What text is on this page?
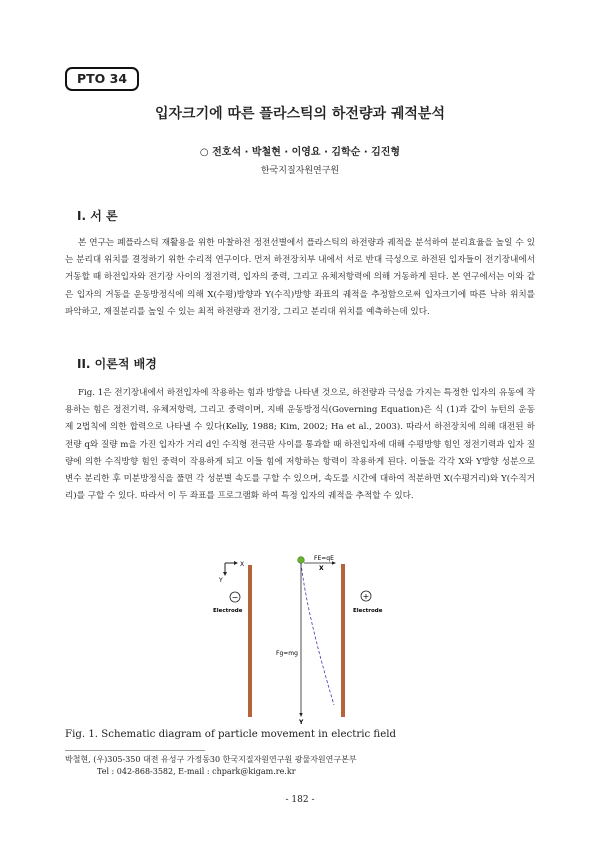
PTO 34
입자크기에 따른 플라스틱의 하전량과 궤적분석
○ 전호석 · 박철현 · 이영요 · 김학순 · 김진형
한국지질자원연구원
I. 서 론

본 연구는 폐플라스틱 재활용을 위한 마찰하전 정전선별에서 플라스틱의 하전량과 궤적을 분석하여 분리효율을 높일 수 있는 분리대 위치를 결정하기 위한 수리적 연구이다. 먼저 하전장치부 내에서 서로 반대 극성으로 하전된 입자들이 전기장내에서 거동할 때 하전입자와 전기장 사이의 정전기력, 입자의 중력, 그리고 유체저항력에 의해 거동하게 된다. 본 연구에서는 이와 같은 입자의 거동을 운동방정식에 의해 X(수평)방향과 Y(수직)방향 좌표의 궤적을 추정함으로써 입자크기에 따른 낙하 위치를 파악하고, 재질분리를 높일 수 있는 최적 하전량과 전기장, 그리고 분리대 위치를 예측하는데 있다.

II. 이론적 배경

Fig. 1은 전기장내에서 하전입자에 작용하는 힘과 방향을 나타낸 것으로, 하전량과 극성을 가지는 특정한 입자의 유동에 작용하는 힘은 정전기력, 유체저항력, 그리고 중력이며, 지배 운동방정식(Governing Equation)은 식 (1)과 같이 뉴턴의 운동 제 2법칙에 의한 합력으로 나타낼 수 있다(Kelly, 1988; Kim, 2002; Ha et al., 2003). 따라서 하전장치에 의해 대전된 하전량 q와 질량 m을 가진 입자가 거리 d인 수직형 전극판 사이를 통과할 때 하전입자에 대해 수평방향 힘인 정전기력과 입자 질량에 의한 수직방향 힘인 중력이 작용하게 되고 이들 힘에 저항하는 항력이 작용하게 된다. 이들을 각각 X와 Y방향 성분으로 변수 분리한 후 미분방정식을 풀면 각 성분별 속도를 구할 수 있으며, 속도를 시간에 대하여 적분하면 X(수평거리)와 Y(수직거리)를 구할 수 있다. 따라서 이 두 좌표를 프로그램화 하여 특정 입자의 궤적을 추적할 수 있다.

X
Y
−	+
Electrode	Electrode
FE=qE
X
Fg=mg
Y
Fig. 1. Schematic diagram of particle movement in electric field
박철현, (우)305-350 대전 유성구 가정동30 한국지질자원연구원 광물자원연구본부
Tel : 042-868-3582, E-mail : chpark@kigam.re.kr
- 182 -
